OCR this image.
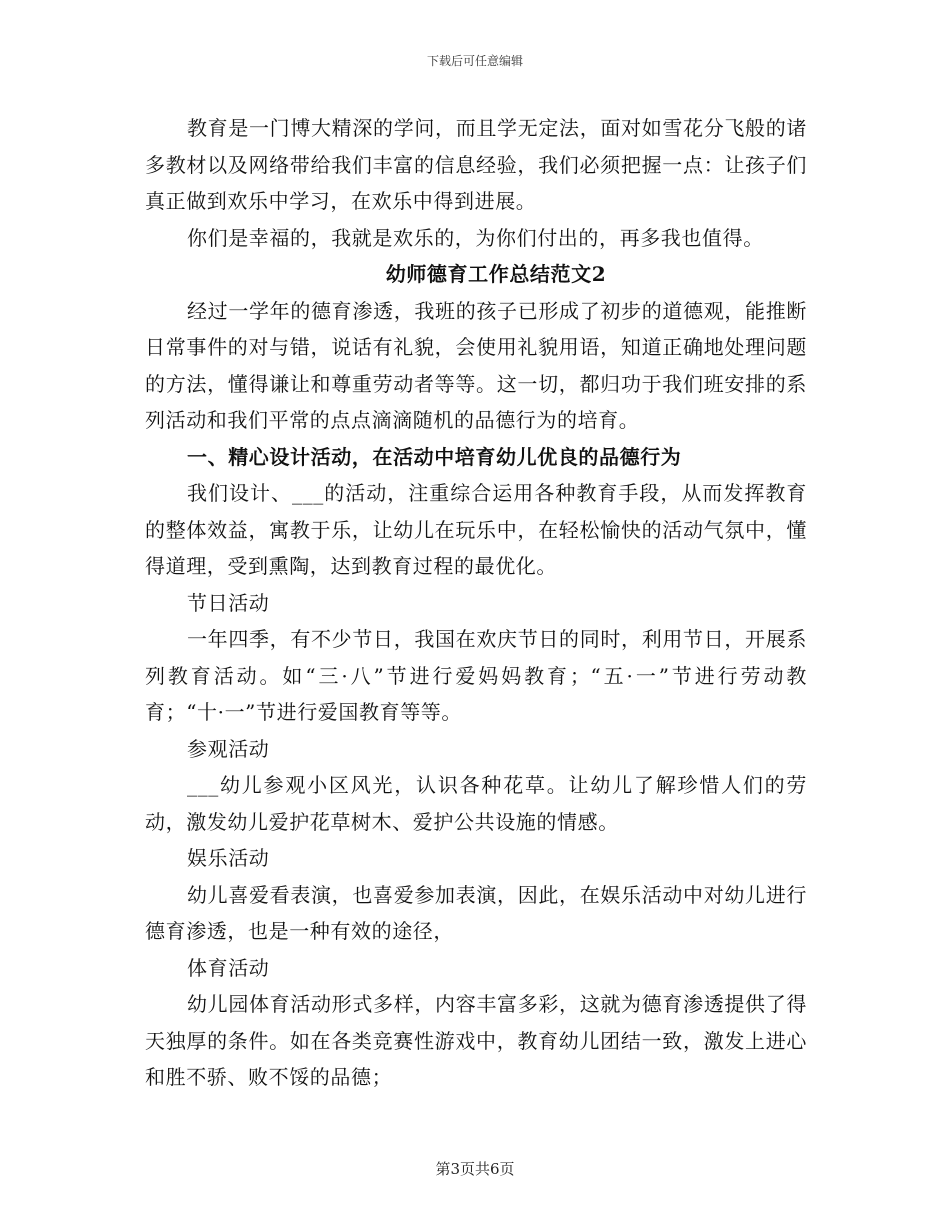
下载后可任意编辑

教育是一门博大精深的学问，而且学无定法，面对如雪花分飞般的诸多教材以及网络带给我们丰富的信息经验，我们必须把握一点：让孩子们真正做到欢乐中学习，在欢乐中得到进展。

你们是幸福的，我就是欢乐的，为你们付出的，再多我也值得。

幼师德育工作总结范文2

经过一学年的德育渗透，我班的孩子已形成了初步的道德观，能推断日常事件的对与错，说话有礼貌，会使用礼貌用语，知道正确地处理问题的方法，懂得谦让和尊重劳动者等等。这一切，都归功于我们班安排的系列活动和我们平常的点点滴滴随机的品德行为的培育。

一、精心设计活动，在活动中培育幼儿优良的品德行为

我们设计、___的活动，注重综合运用各种教育手段，从而发挥教育的整体效益，寓教于乐，让幼儿在玩乐中，在轻松愉快的活动气氛中，懂得道理，受到熏陶，达到教育过程的最优化。

节日活动

一年四季，有不少节日，我国在欢庆节日的同时，利用节日，开展系列教育活动。如“三·八”节进行爱妈妈教育；“五·一”节进行劳动教育；“十·一”节进行爱国教育等等。

参观活动

___幼儿参观小区风光，认识各种花草。让幼儿了解珍惜人们的劳动，激发幼儿爱护花草树木、爱护公共设施的情感。

娱乐活动

幼儿喜爱看表演，也喜爱参加表演，因此，在娱乐活动中对幼儿进行德育渗透，也是一种有效的途径，

体育活动

幼儿园体育活动形式多样，内容丰富多彩，这就为德育渗透提供了得天独厚的条件。如在各类竞赛性游戏中，教育幼儿团结一致，激发上进心和胜不骄、败不馁的品德；

第3页共6页
